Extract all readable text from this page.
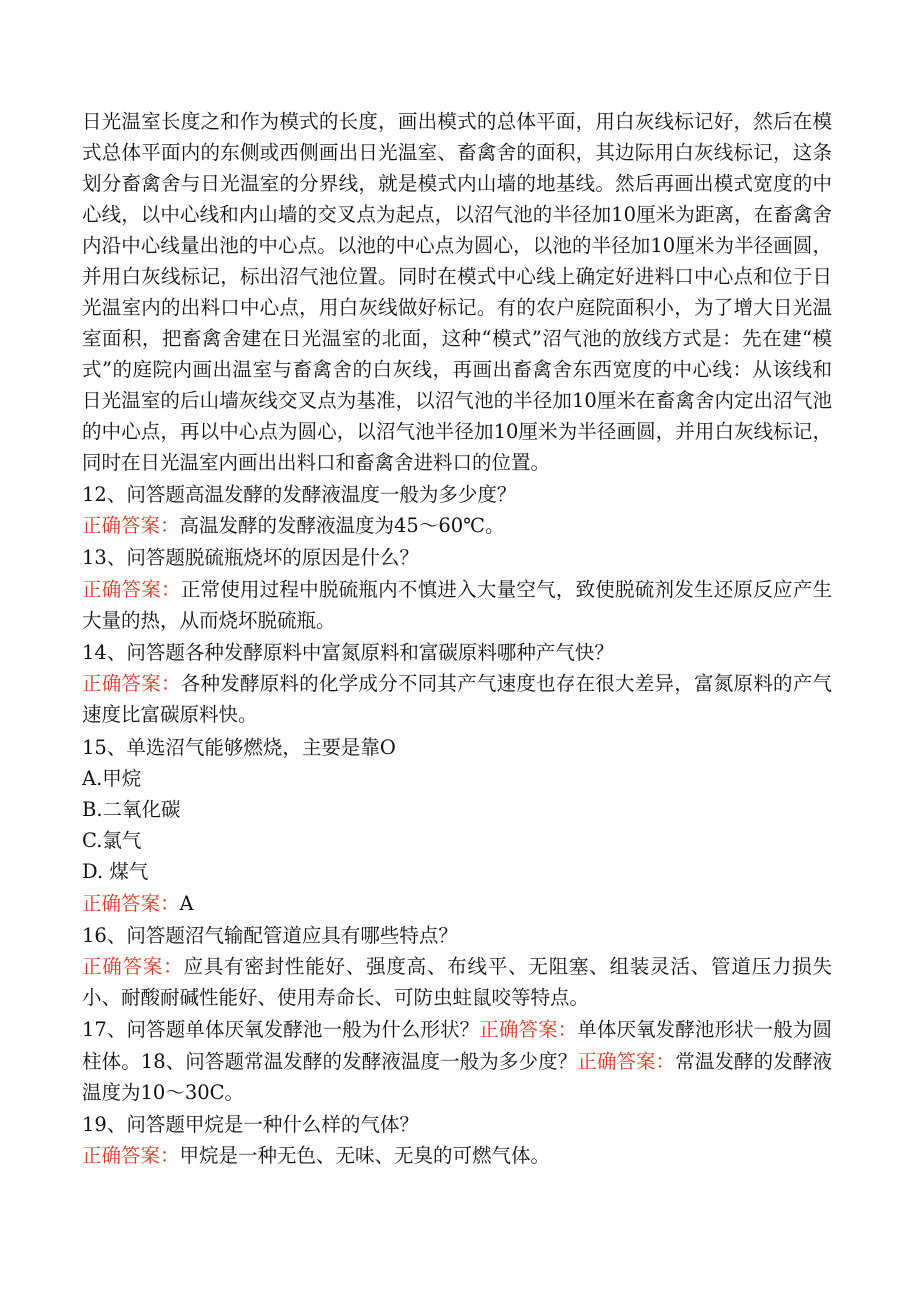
日光温室长度之和作为模式的长度，画出模式的总体平面，用白灰线标记好，然后在模式总体平面内的东侧或西侧画出日光温室、畜禽舍的面积，其边际用白灰线标记，这条划分畜禽舍与日光温室的分界线，就是模式内山墙的地基线。然后再画出模式宽度的中心线，以中心线和内山墙的交叉点为起点，以沼气池的半径加10厘米为距离，在畜禽舍内沿中心线量出池的中心点。以池的中心点为圆心，以池的半径加10厘米为半径画圆，并用白灰线标记，标出沼气池位置。同时在模式中心线上确定好进料口中心点和位于日光温室内的出料口中心点，用白灰线做好标记。有的农户庭院面积小，为了增大日光温室面积，把畜禽舍建在日光温室的北面，这种“模式”沼气池的放线方式是：先在建“模式”的庭院内画出温室与畜禽舍的白灰线，再画出畜禽舍东西宽度的中心线：从该线和日光温室的后山墙灰线交叉点为基准，以沼气池的半径加10厘米在畜禽舍内定出沼气池的中心点，再以中心点为圆心，以沼气池半径加10厘米为半径画圆，并用白灰线标记，同时在日光温室内画出出料口和畜禽舍进料口的位置。

12、问答题高温发酵的发酵液温度一般为多少度？
正确答案：高温发酵的发酵液温度为45～60℃。
13、问答题脱硫瓶烧坏的原因是什么？

正确答案：正常使用过程中脱硫瓶内不慎进入大量空气，致使脱硫剂发生还原反应产生大量的热，从而烧坏脱硫瓶。

14、问答题各种发酵原料中富氮原料和富碳原料哪种产气快？

正确答案：各种发酵原料的化学成分不同其产气速度也存在很大差异，富氮原料的产气速度比富碳原料快。

15、单选沼气能够燃烧，主要是靠O
A.甲烷
B.二氧化碳
C.氯气
D. 煤气
正确答案：A
16、问答题沼气输配管道应具有哪些特点？

正确答案：应具有密封性能好、强度高、布线平、无阻塞、组装灵活、管道压力损失小、耐酸耐碱性能好、使用寿命长、可防虫蛀鼠咬等特点。

17、问答题单体厌氧发酵池一般为什么形状？正确答案：单体厌氧发酵池形状一般为圆柱体。18、问答题常温发酵的发酵液温度一般为多少度？正确答案：常温发酵的发酵液温度为10～30C。

19、问答题甲烷是一种什么样的气体？
正确答案：甲烷是一种无色、无味、无臭的可燃气体。
